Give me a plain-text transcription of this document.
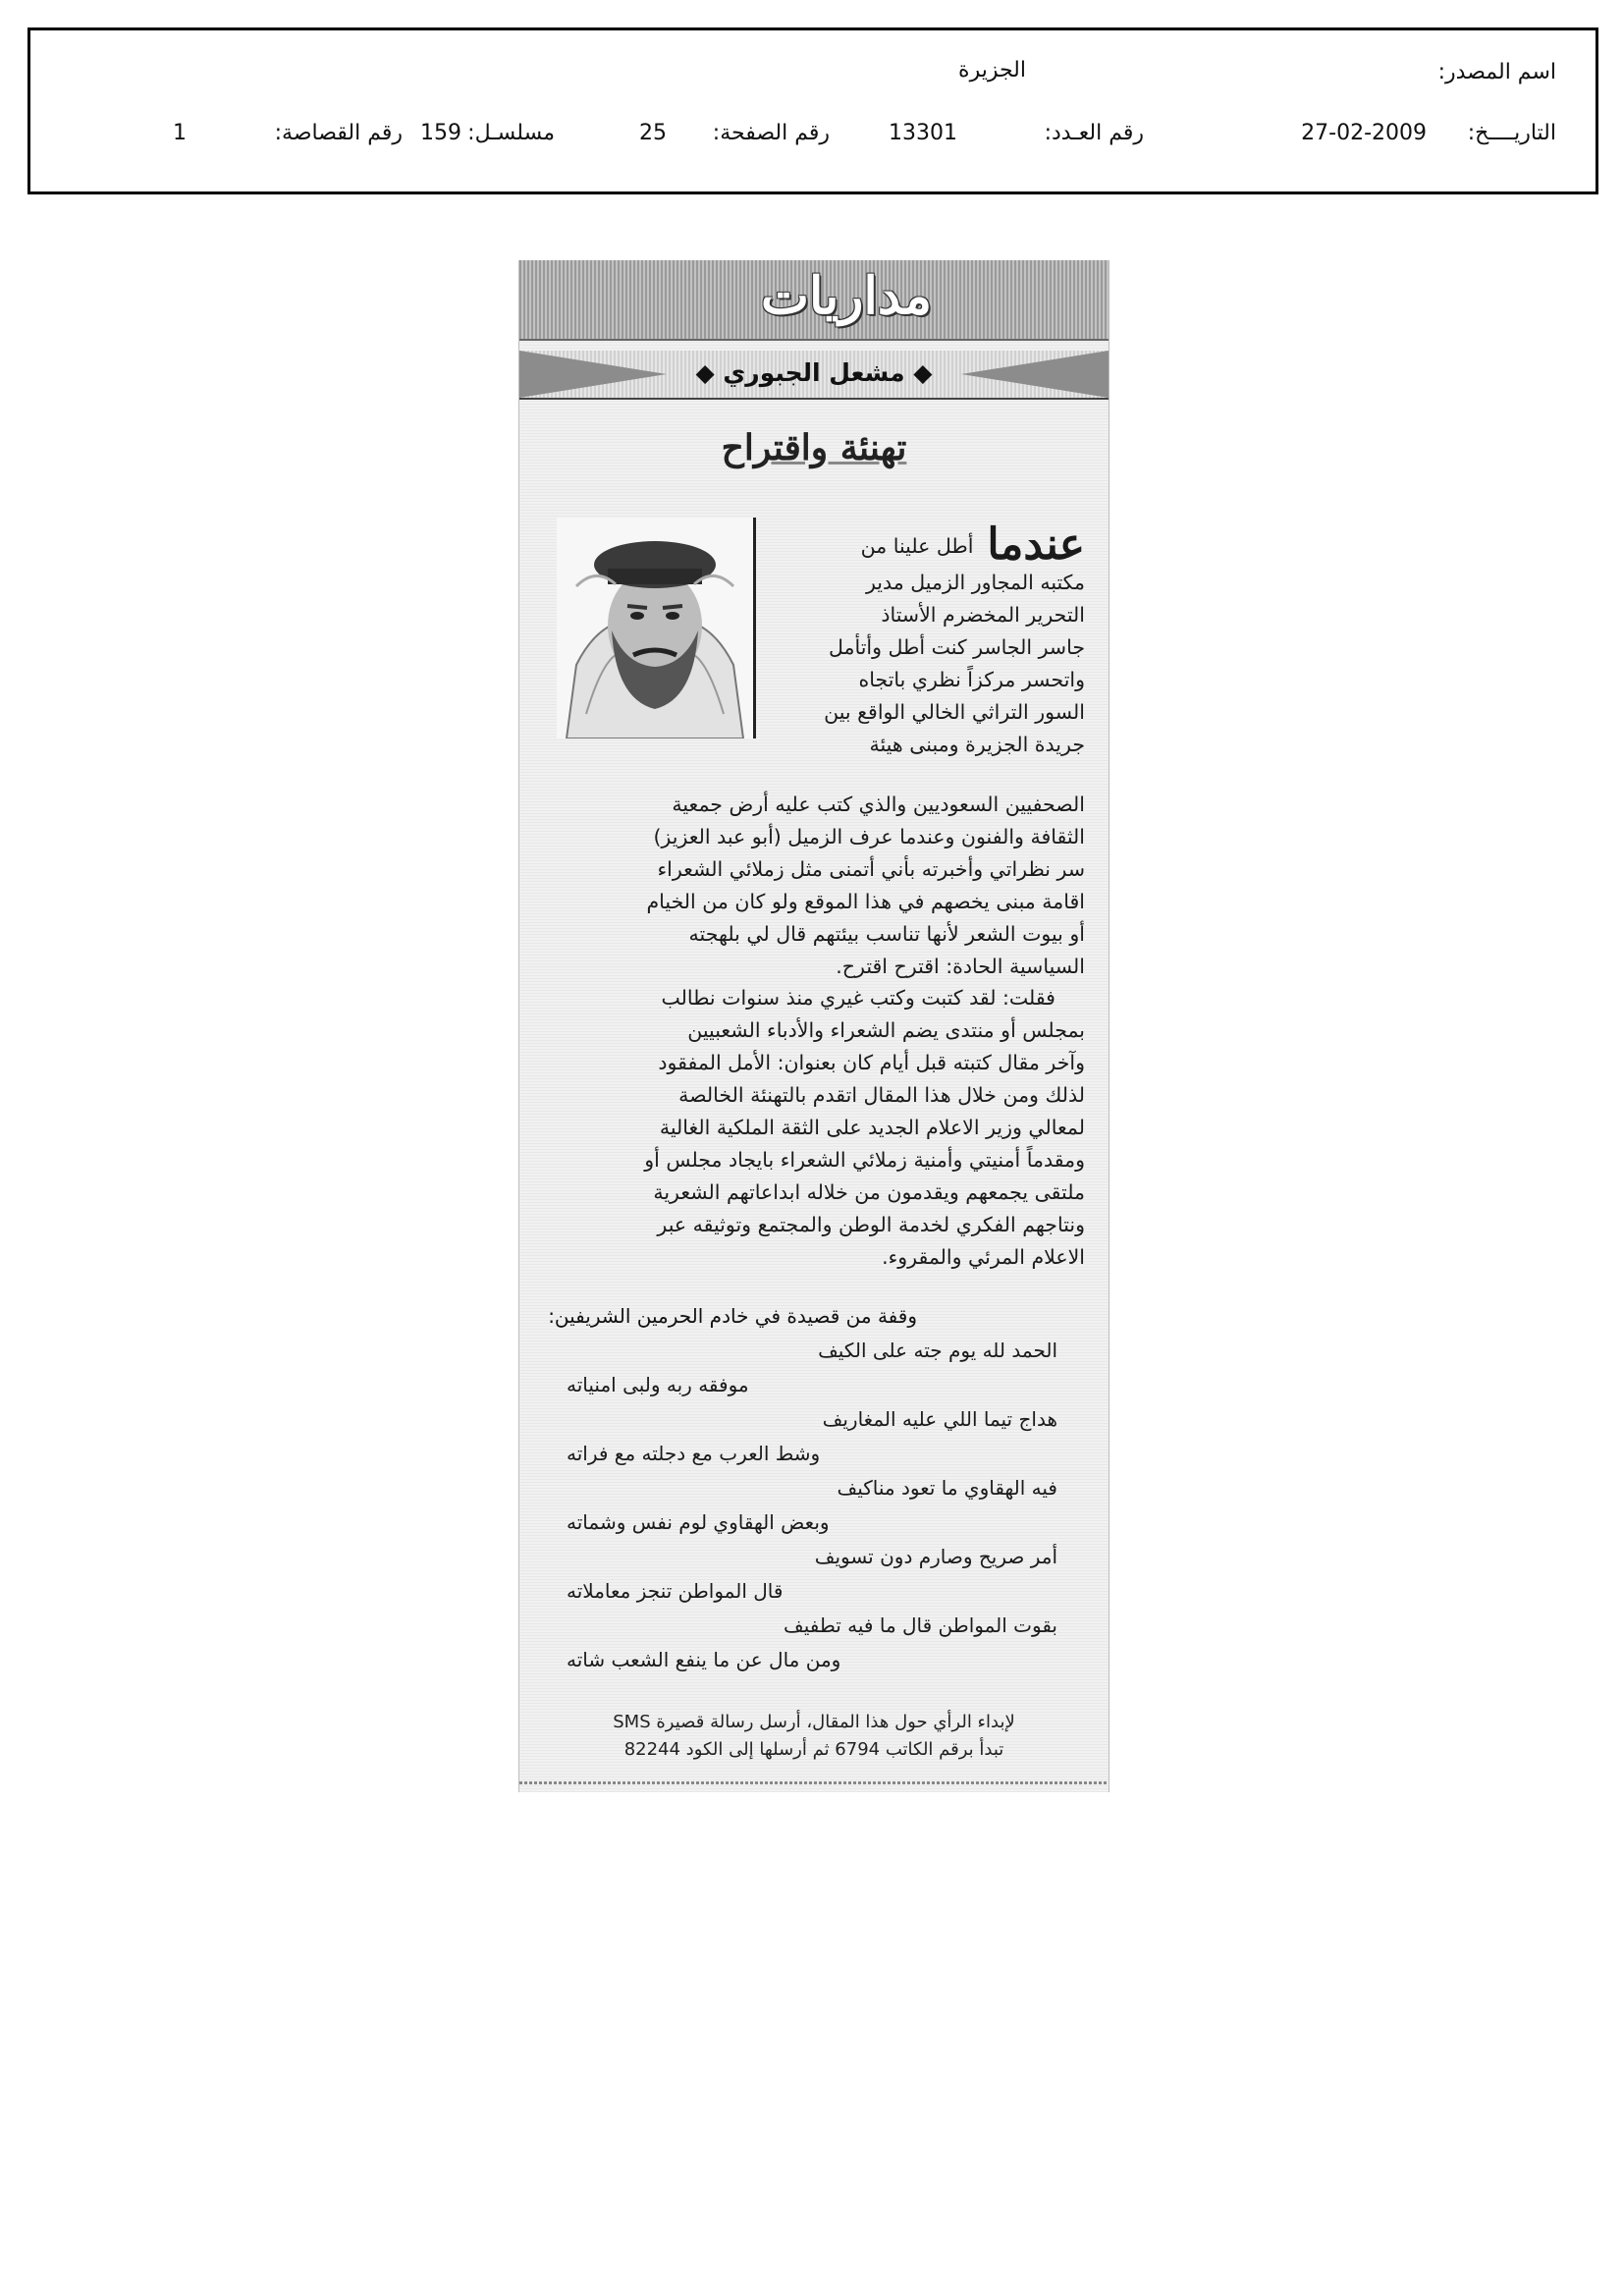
اسم المصدر:
الجزيرة
التاريــــخ:
27-02-2009
رقم العـدد:
13301
رقم الصفحة:
25
مسلسـل:
159
رقم القصاصة:
1
مداريات
◆ مشعل الجبوري ◆
تهنئة واقتراح
عندماأطل علينا من
مكتبه المجاور الزميل مدير
التحرير المخضرم الأستاذ
جاسر الجاسر كنت أطل وأتأمل
واتحسر مركزاً نظري باتجاه
السور التراثي الخالي الواقع بين
جريدة الجزيرة ومبنى هيئة
الصحفيين السعوديين والذي كتب عليه أرض جمعية
الثقافة والفنون وعندما عرف الزميل (أبو عبد العزيز)
سر نظراتي وأخبرته بأني أتمنى مثل زملائي الشعراء
اقامة مبنى يخصهم في هذا الموقع ولو كان من الخيام
أو بيوت الشعر لأنها تناسب بيئتهم قال لي بلهجته
السياسية الحادة: اقترح اقترح.
فقلت: لقد كتبت وكتب غيري منذ سنوات نطالب
بمجلس أو منتدى يضم الشعراء والأدباء الشعبيين
وآخر مقال كتبته قبل أيام كان بعنوان: الأمل المفقود
لذلك ومن خلال هذا المقال اتقدم بالتهنئة الخالصة
لمعالي وزير الاعلام الجديد على الثقة الملكية الغالية
ومقدماً أمنيتي وأمنية زملائي الشعراء بايجاد مجلس أو
ملتقى يجمعهم ويقدمون من خلاله ابداعاتهم الشعرية
ونتاجهم الفكري لخدمة الوطن والمجتمع وتوثيقه عبر
الاعلام المرئي والمقروء.
وقفة من قصيدة في خادم الحرمين الشريفين:
الحمد لله يوم جته على الكيف
موفقه ربه ولبى امنياته
هداج تيما اللي عليه المغاريف
وشط العرب مع دجلته مع فراته
فيه الهقاوي ما تعود مناكيف
وبعض الهقاوي لوم نفس وشماته
أمر صريح وصارم دون تسويف
قال المواطن تنجز معاملاته
بقوت المواطن قال ما فيه تطفيف
ومن مال عن ما ينفع الشعب شاته
لإبداء الرأي حول هذا المقال، أرسل رسالة قصيرة SMS
تبدأ برقم الكاتب 6794 ثم أرسلها إلى الكود 82244
